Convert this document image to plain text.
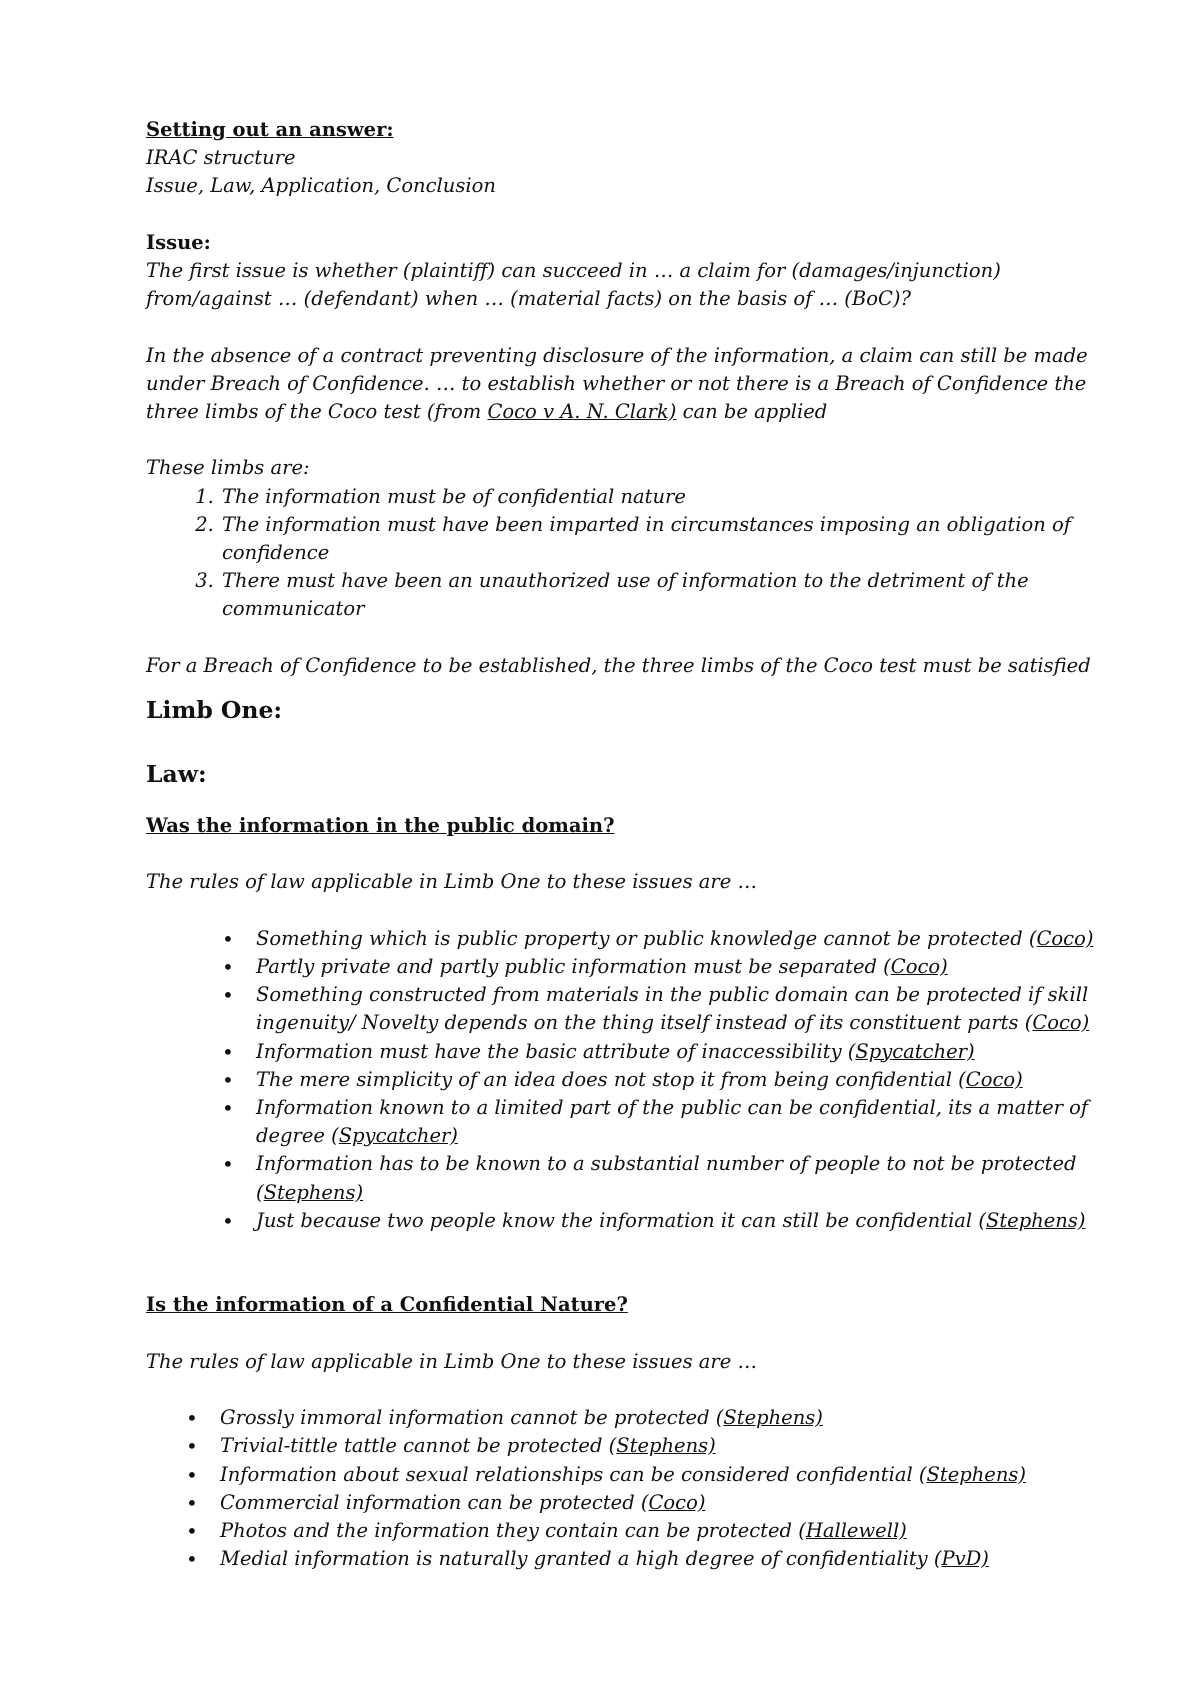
Setting out an answer:

IRAC structure

Issue, Law, Application, Conclusion

Issue:

The first issue is whether (plaintiff) can succeed in … a claim for (damages/injunction)

from/against … (defendant) when … (material facts) on the basis of … (BoC)?

In the absence of a contract preventing disclosure of the information, a claim can still be made

under Breach of Confidence. … to establish whether or not there is a Breach of Confidence the

three limbs of the Coco test (from Coco v A. N. Clark) can be applied

These limbs are:

1. The information must be of confidential nature
2. The information must have been imparted in circumstances imposing an obligation of confidence
3. There must have been an unauthorized use of information to the detriment of the communicator

For a Breach of Confidence to be established, the three limbs of the Coco test must be satisfied

Limb One:

Law:

Was the information in the public domain?

The rules of law applicable in Limb One to these issues are …

• Something which is public property or public knowledge cannot be protected (Coco)
• Partly private and partly public information must be separated (Coco)
• Something constructed from materials in the public domain can be protected if skill ingenuity/ Novelty depends on the thing itself instead of its constituent parts (Coco)
• Information must have the basic attribute of inaccessibility (Spycatcher)
• The mere simplicity of an idea does not stop it from being confidential (Coco)
• Information known to a limited part of the public can be confidential, its a matter of degree (Spycatcher)
• Information has to be known to a substantial number of people to not be protected (Stephens)
• Just because two people know the information it can still be confidential (Stephens)

Is the information of a Confidential Nature?

The rules of law applicable in Limb One to these issues are …

• Grossly immoral information cannot be protected (Stephens)
• Trivial-tittle tattle cannot be protected (Stephens)
• Information about sexual relationships can be considered confidential (Stephens)
• Commercial information can be protected (Coco)
• Photos and the information they contain can be protected (Hallewell)
• Medial information is naturally granted a high degree of confidentiality (PvD)
